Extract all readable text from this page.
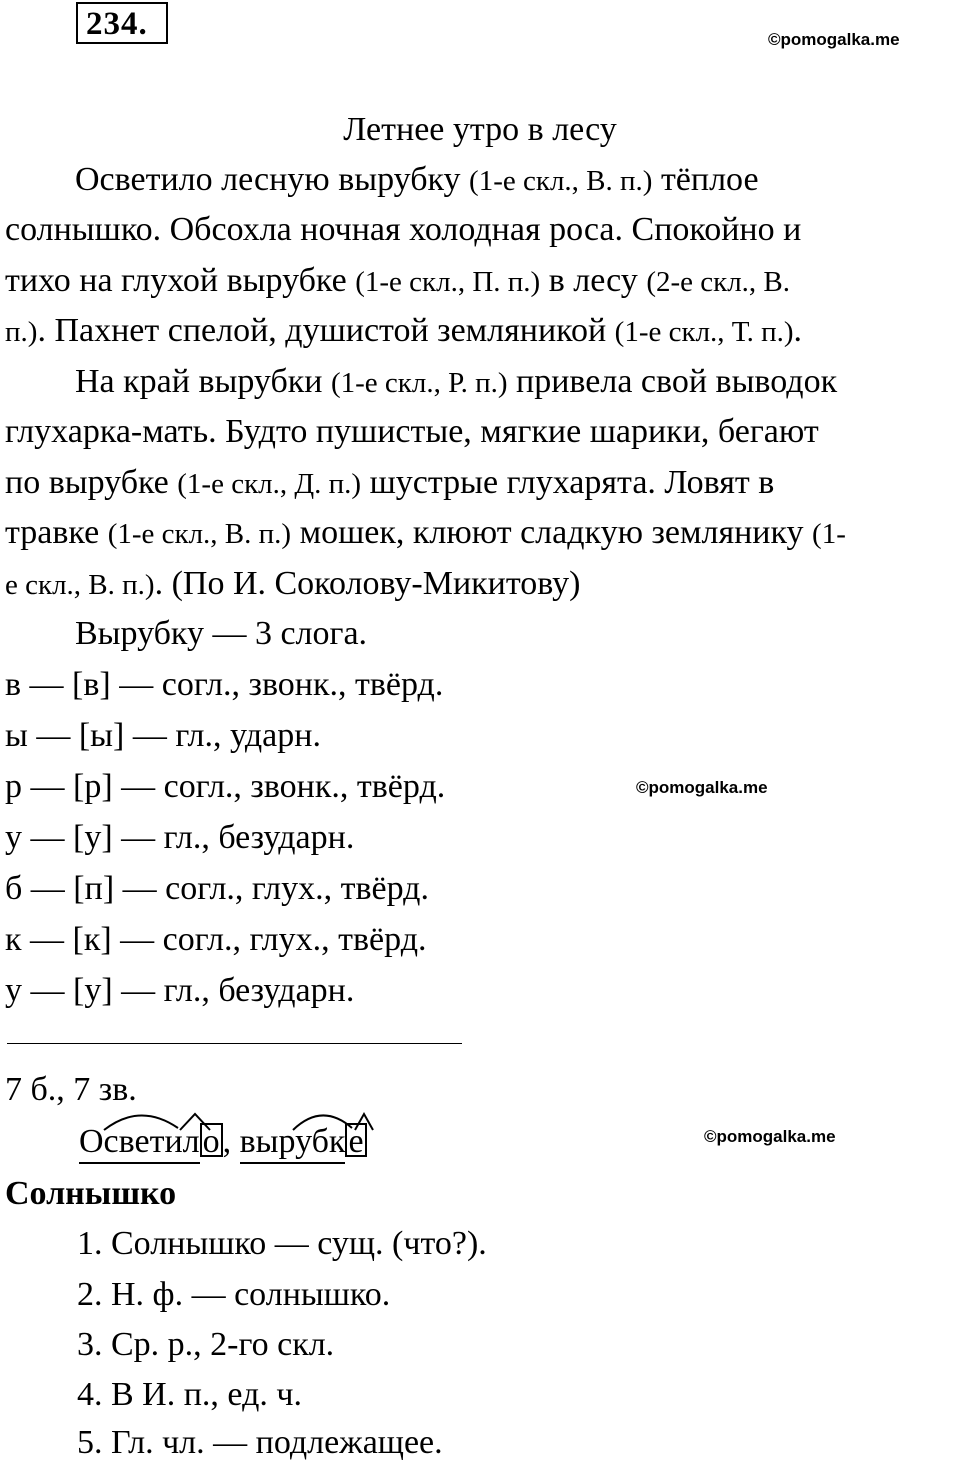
234.	©pomogalka.me
Летнее утро в лесу
Осветило лесную вырубку (1-е скл., В. п.) тёплое
солнышко. Обсохла ночная холодная роса. Спокойно и
тихо на глухой вырубке (1-е скл., П. п.) в лесу (2-е скл., В.
п.). Пахнет спелой, душистой земляникой (1-е скл., Т. п.).
На край вырубки (1-е скл., Р. п.) привела свой выводок
глухарка-мать. Будто пушистые, мягкие шарики, бегают
по вырубке (1-е скл., Д. п.) шустрые глухарята. Ловят в
травке (1-е скл., В. п.) мошек, клюют сладкую землянику (1-
е скл., В. п.). (По И. Соколову-Микитову)
Вырубку — 3 слога.
в — [в] — согл., звонк., твёрд.
ы — [ы] — гл., ударн.
р — [р] — согл., звонк., твёрд.	©pomogalka.me
у — [у] — гл., безударн.
б — [п] — согл., глух., твёрд.
к — [к] — согл., глух., твёрд.
у — [у] — гл., безударн.
7 б., 7 зв.
Осветило, вырубке	©pomogalka.me
Солнышко
1. Солнышко — сущ. (что?).
2. Н. ф. — солнышко.
3. Ср. р., 2-го скл.
4. В И. п., ед. ч.
5. Гл. чл. — подлежащее.
